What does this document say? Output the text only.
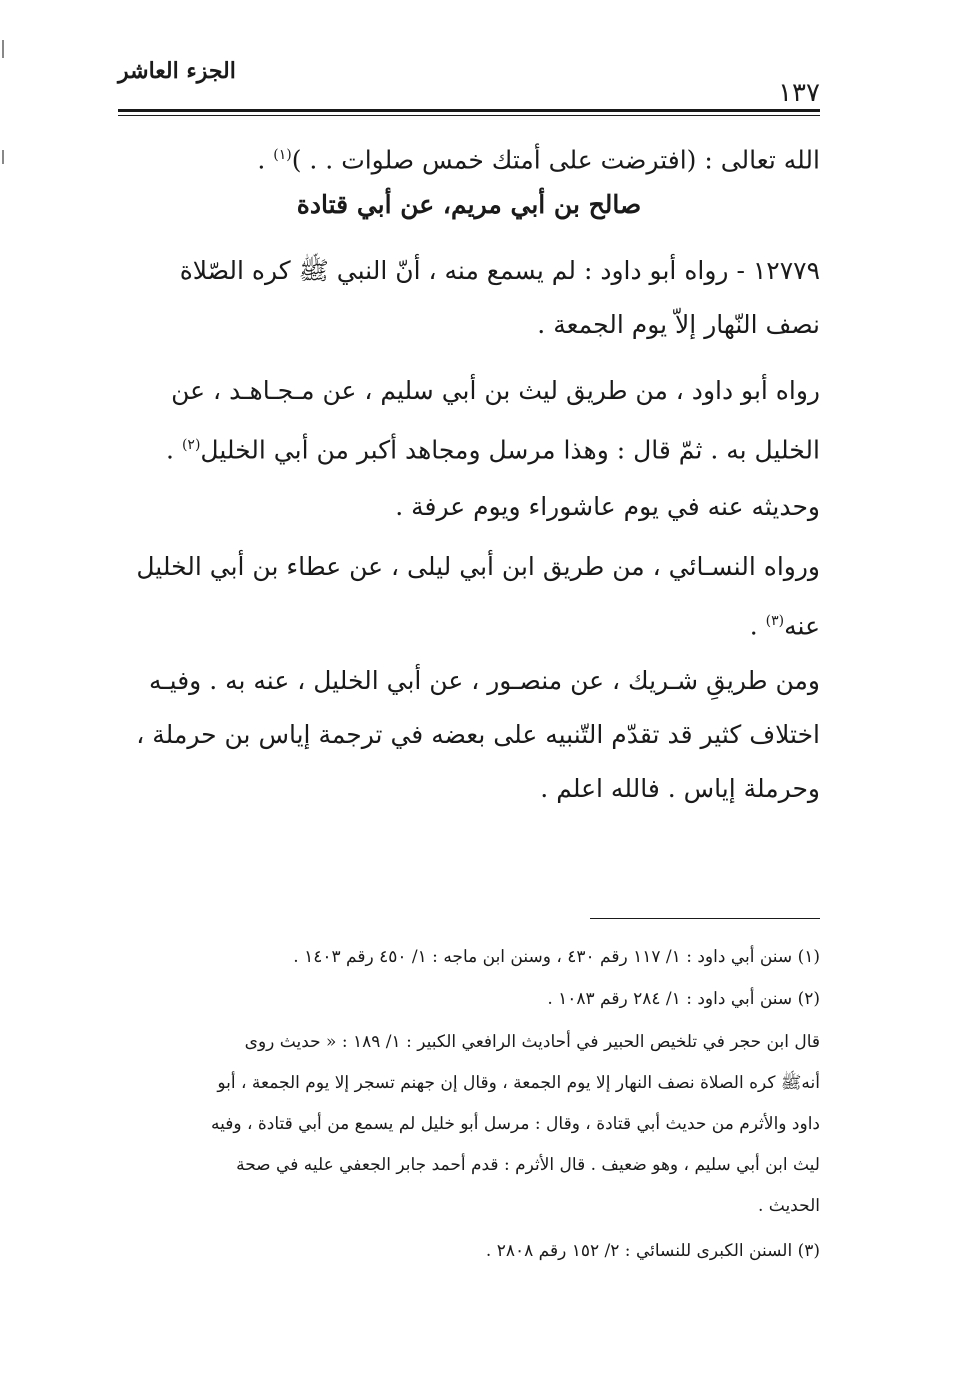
الجزء العاشر
١٣٧
الله تعالى : (افترضت على أمتك خمس صلوات . . )$^{(١)}$ .
صالح بن أبي مريم، عن أبي قتادة
١٢٧٧٩ - رواه أبو داود : لم يسمع منه ، أنّ النبي ﷺ كره الصّلاة
نصف النّهار إلاّ يوم الجمعة .
رواه أبو داود ، من طريق ليث بن أبي سليم ، عن مـجـاهـد ، عن
الخليل به . ثمّ قال : وهذا مرسل ومجاهد أكبر من أبي الخليل$^{(٢)}$ .
وحديثه عنه في يوم عاشوراء ويوم عرفة .
ورواه النسـائي ، من طريق ابن أبي ليلى ، عن عطاء بن أبي الخليل
عنه$^{(٣)}$ .
ومن طريقِ شـريك ، عن منصـور ، عن أبي الخليل ، عنه به . وفيـه
اختلاف كثير قد تقدّم التّنبيه على بعضه في ترجمة إياس بن حرملة ،
وحرملة إياس . فالله اعلم .
(١) سنن أبي داود : ١/ ١١٧ رقم ٤٣٠ ، وسنن ابن ماجه : ١/ ٤٥٠ رقم ١٤٠٣ .
(٢) سنن أبي داود : ١/ ٢٨٤ رقم ١٠٨٣ .
قال ابن حجر في تلخيص الحبير في أحاديث الرافعي الكبير : ١/ ١٨٩ : « حديث روى
أنهﷺ كره الصلاة نصف النهار إلا يوم الجمعة ، وقال إن جهنم تسجر إلا يوم الجمعة ، أبو
داود والأثرم من حديث أبي قتادة ، وقال : مرسل أبو خليل لم يسمع من أبي قتادة ، وفيه
ليث ابن أبي سليم ، وهو ضعيف . قال الأثرم : قدم أحمد جابر الجعفي عليه في صحة
الحديث .
(٣) السنن الكبرى للنسائي : ٢/ ١٥٢ رقم ٢٨٠٨ .
